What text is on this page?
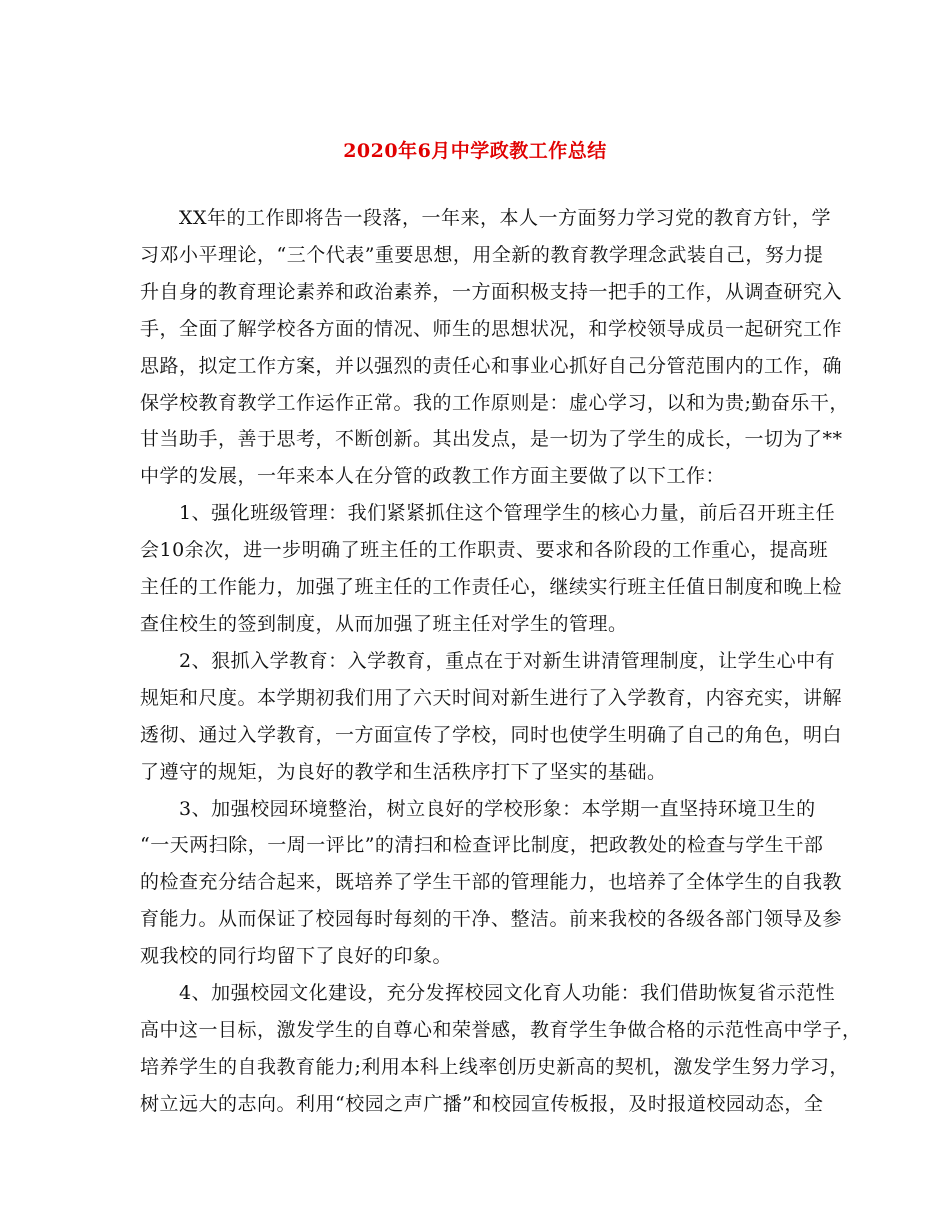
2020年6月中学政教工作总结
　　XX年的工作即将告一段落，一年来，本人一方面努力学习党的教育方针，学
习邓小平理论，“三个代表”重要思想，用全新的教育教学理念武装自己，努力提
升自身的教育理论素养和政治素养，一方面积极支持一把手的工作，从调查研究入
手，全面了解学校各方面的情况、师生的思想状况，和学校领导成员一起研究工作
思路，拟定工作方案，并以强烈的责任心和事业心抓好自己分管范围内的工作，确
保学校教育教学工作运作正常。我的工作原则是：虚心学习，以和为贵;勤奋乐干，
甘当助手，善于思考，不断创新。其出发点，是一切为了学生的成长，一切为了**
中学的发展，一年来本人在分管的政教工作方面主要做了以下工作：
　　1、强化班级管理：我们紧紧抓住这个管理学生的核心力量，前后召开班主任
会10余次，进一步明确了班主任的工作职责、要求和各阶段的工作重心，提高班
主任的工作能力，加强了班主任的工作责任心，继续实行班主任值日制度和晚上检
查住校生的签到制度，从而加强了班主任对学生的管理。
　　2、狠抓入学教育：入学教育，重点在于对新生讲清管理制度，让学生心中有
规矩和尺度。本学期初我们用了六天时间对新生进行了入学教育，内容充实，讲解
透彻、通过入学教育，一方面宣传了学校，同时也使学生明确了自己的角色，明白
了遵守的规矩，为良好的教学和生活秩序打下了坚实的基础。
　　3、加强校园环境整治，树立良好的学校形象：本学期一直坚持环境卫生的
“一天两扫除，一周一评比”的清扫和检查评比制度，把政教处的检查与学生干部
的检查充分结合起来，既培养了学生干部的管理能力，也培养了全体学生的自我教
育能力。从而保证了校园每时每刻的干净、整洁。前来我校的各级各部门领导及参
观我校的同行均留下了良好的印象。
　　4、加强校园文化建设，充分发挥校园文化育人功能：我们借助恢复省示范性
高中这一目标，激发学生的自尊心和荣誉感，教育学生争做合格的示范性高中学子，
培养学生的自我教育能力;利用本科上线率创历史新高的契机，激发学生努力学习，
树立远大的志向。利用“校园之声广播”和校园宣传板报，及时报道校园动态，全
